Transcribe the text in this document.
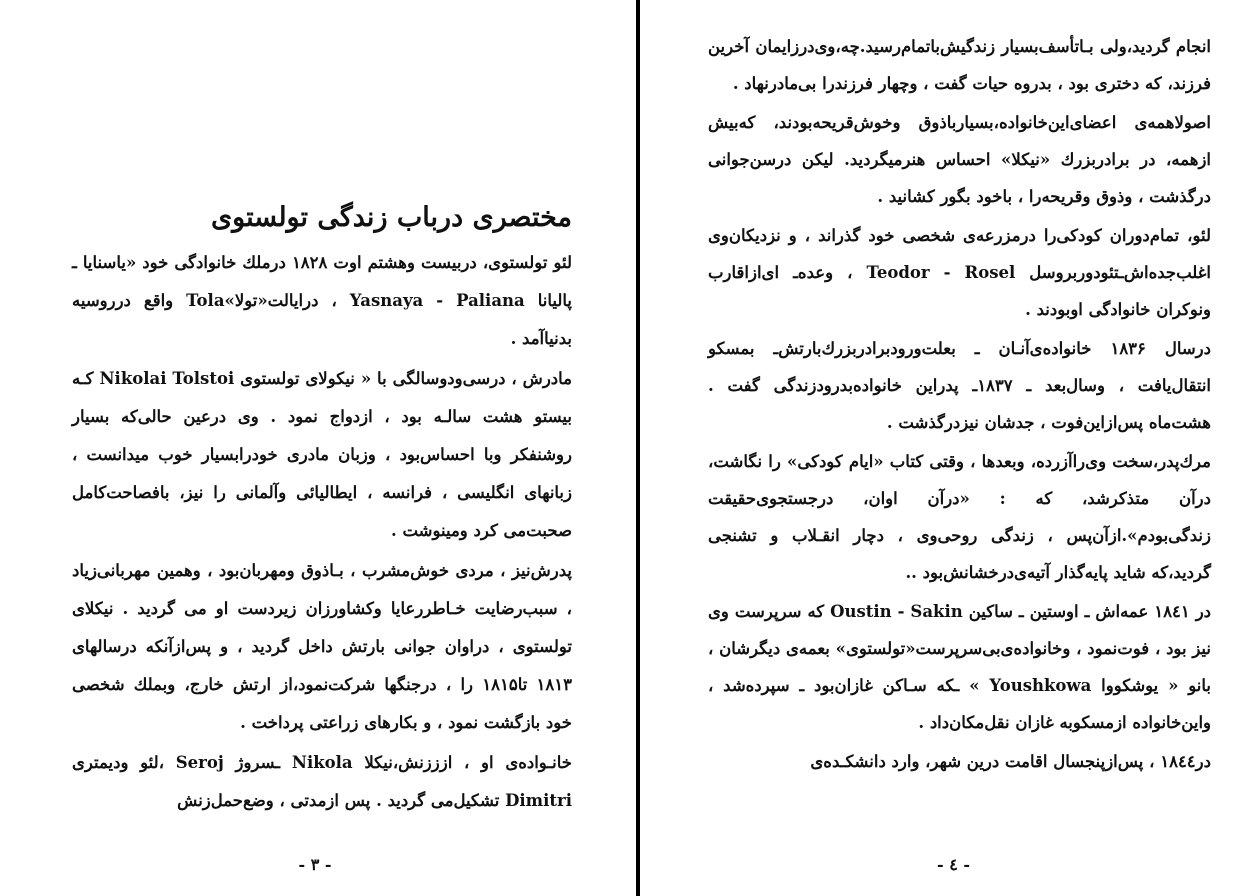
مختصری درباب زندگی تولستوی

لئو تولستوی، دربیست وهشتم اوت ۱۸۲۸ درملك خانوادگی خود «یاسنایا ـ پالیانا Yasnaya - Paliana ، درایالت«تولا»Tola واقع درروسیه بدنیاآمد .

مادرش ، درسی‌ودوسالگی با « نیکولای تولستوی Nikolai Tolstoi کـه بیستو هشت سالـه بود ، ازدواج نمود . وی درعین حالی‌که بسیار روشنفکر وبا احساس‌بود ، وزبان مادری خودرابسیار خوب میدانست ، زبانهای انگلیسی ، فرانسه ، ایطالیائی وآلمانی را نیز، بافصاحت‌کامل صحبت‌می کرد ومینوشت .

پدرش‌نیز ، مردی خوش‌مشرب ، بـاذوق ومهربان‌بود ، وهمین مهربانی‌زیاد ، سبب‌رضایت خـاطررعایا وکشاورزان زیردست او می گردید . نیکلای تولستوی ، دراوان جوانی بارتش داخل گردید ، و پس‌ازآنکه درسالهای ۱۸۱۳ تا۱۸۱۵ را ، درجنگها شرکت‌نمود،از ارتش خارج، وبملك شخصی خود بازگشت نمود ، و بکارهای زراعتی پرداخت .

خانـواده‌ی او ، ازززنش،نیکلا Nikola ـسروژ Seroj ،لئو ودیمتری Dimitri تشکیل‌می گردید . پس ازمدتی ، وضع‌حمل‌زنش

- ۳ -

انجام گردید،ولی بـاتأسف‌بسیار زندگیش‌باتمام‌رسید.چه،وی‌درزایمان آخرین فرزند، که دختری بود ، بدروه حیات گفت ، وچهار فرزندرا بی‌مادرنهاد .

اصولاهمه‌ی اعضای‌این‌خانواده،بسیارباذوق وخوش‌قریحه‌بودند، که‌بیش ازهمه، در برادربزرك «نیکلا» احساس هنرمیگردید. لیکن درسن‌جوانی درگذشت ، وذوق وقریحه‌را ، باخود بگور کشانید .

لئو، تمام‌دوران کودکی‌را درمزرعه‌ی شخصی خود گذراند ، و نزدیکان‌وی اغلب‌جده‌اش‌ـتئودوربروسل Teodor - Rosel ، وعده‌ـ ای‌ازاقارب ونوکران خانوادگی اوبودند .

درسال ۱۸۳۶ خانواده‌ی‌آنـان ـ بعلت‌ورودبرادربزرك‌بارتش‌ـ بمسکو انتقال‌یافت ، وسال‌بعد ـ ۱۸۳۷ـ پدراین خانواده‌بدرودزندگی گفت . هشت‌ماه پس‌ازاین‌فوت ، جدشان نیزدرگذشت .

مرك‌پدر،سخت وی‌راآزرده، وبعدها ، وقتی کتاب «ایام کودکی» را نگاشت، درآن متذکرشد، که : «درآن اوان، درجستجوی‌حقیقت زندگی‌بودم».ازآن‌پس ، زندگی روحی‌وی ، دچار انقـلاب و تشنجی گردید،که شاید پایه‌گذار آتیه‌ی‌درخشانش‌بود ..

در ۱۸٤۱ عمه‌اش ـ اوستین ـ ساکین Oustin - Sakin که سرپرست وی نیز بود ، فوت‌نمود ، وخانواده‌ی‌بی‌سرپرست«تولستوی» بعمه‌ی دیگرشان ، بانو « یوشکووا Youshkowa » ـکه سـاکن غازان‌بود ـ سپرده‌شد ، واین‌خانواده ازمسکوبه غازان نقل‌مکان‌داد .

در۱۸٤٤ ، پس‌ازپنجسال اقامت درین شهر، وارد دانشکـده‌ی

- ٤ -
